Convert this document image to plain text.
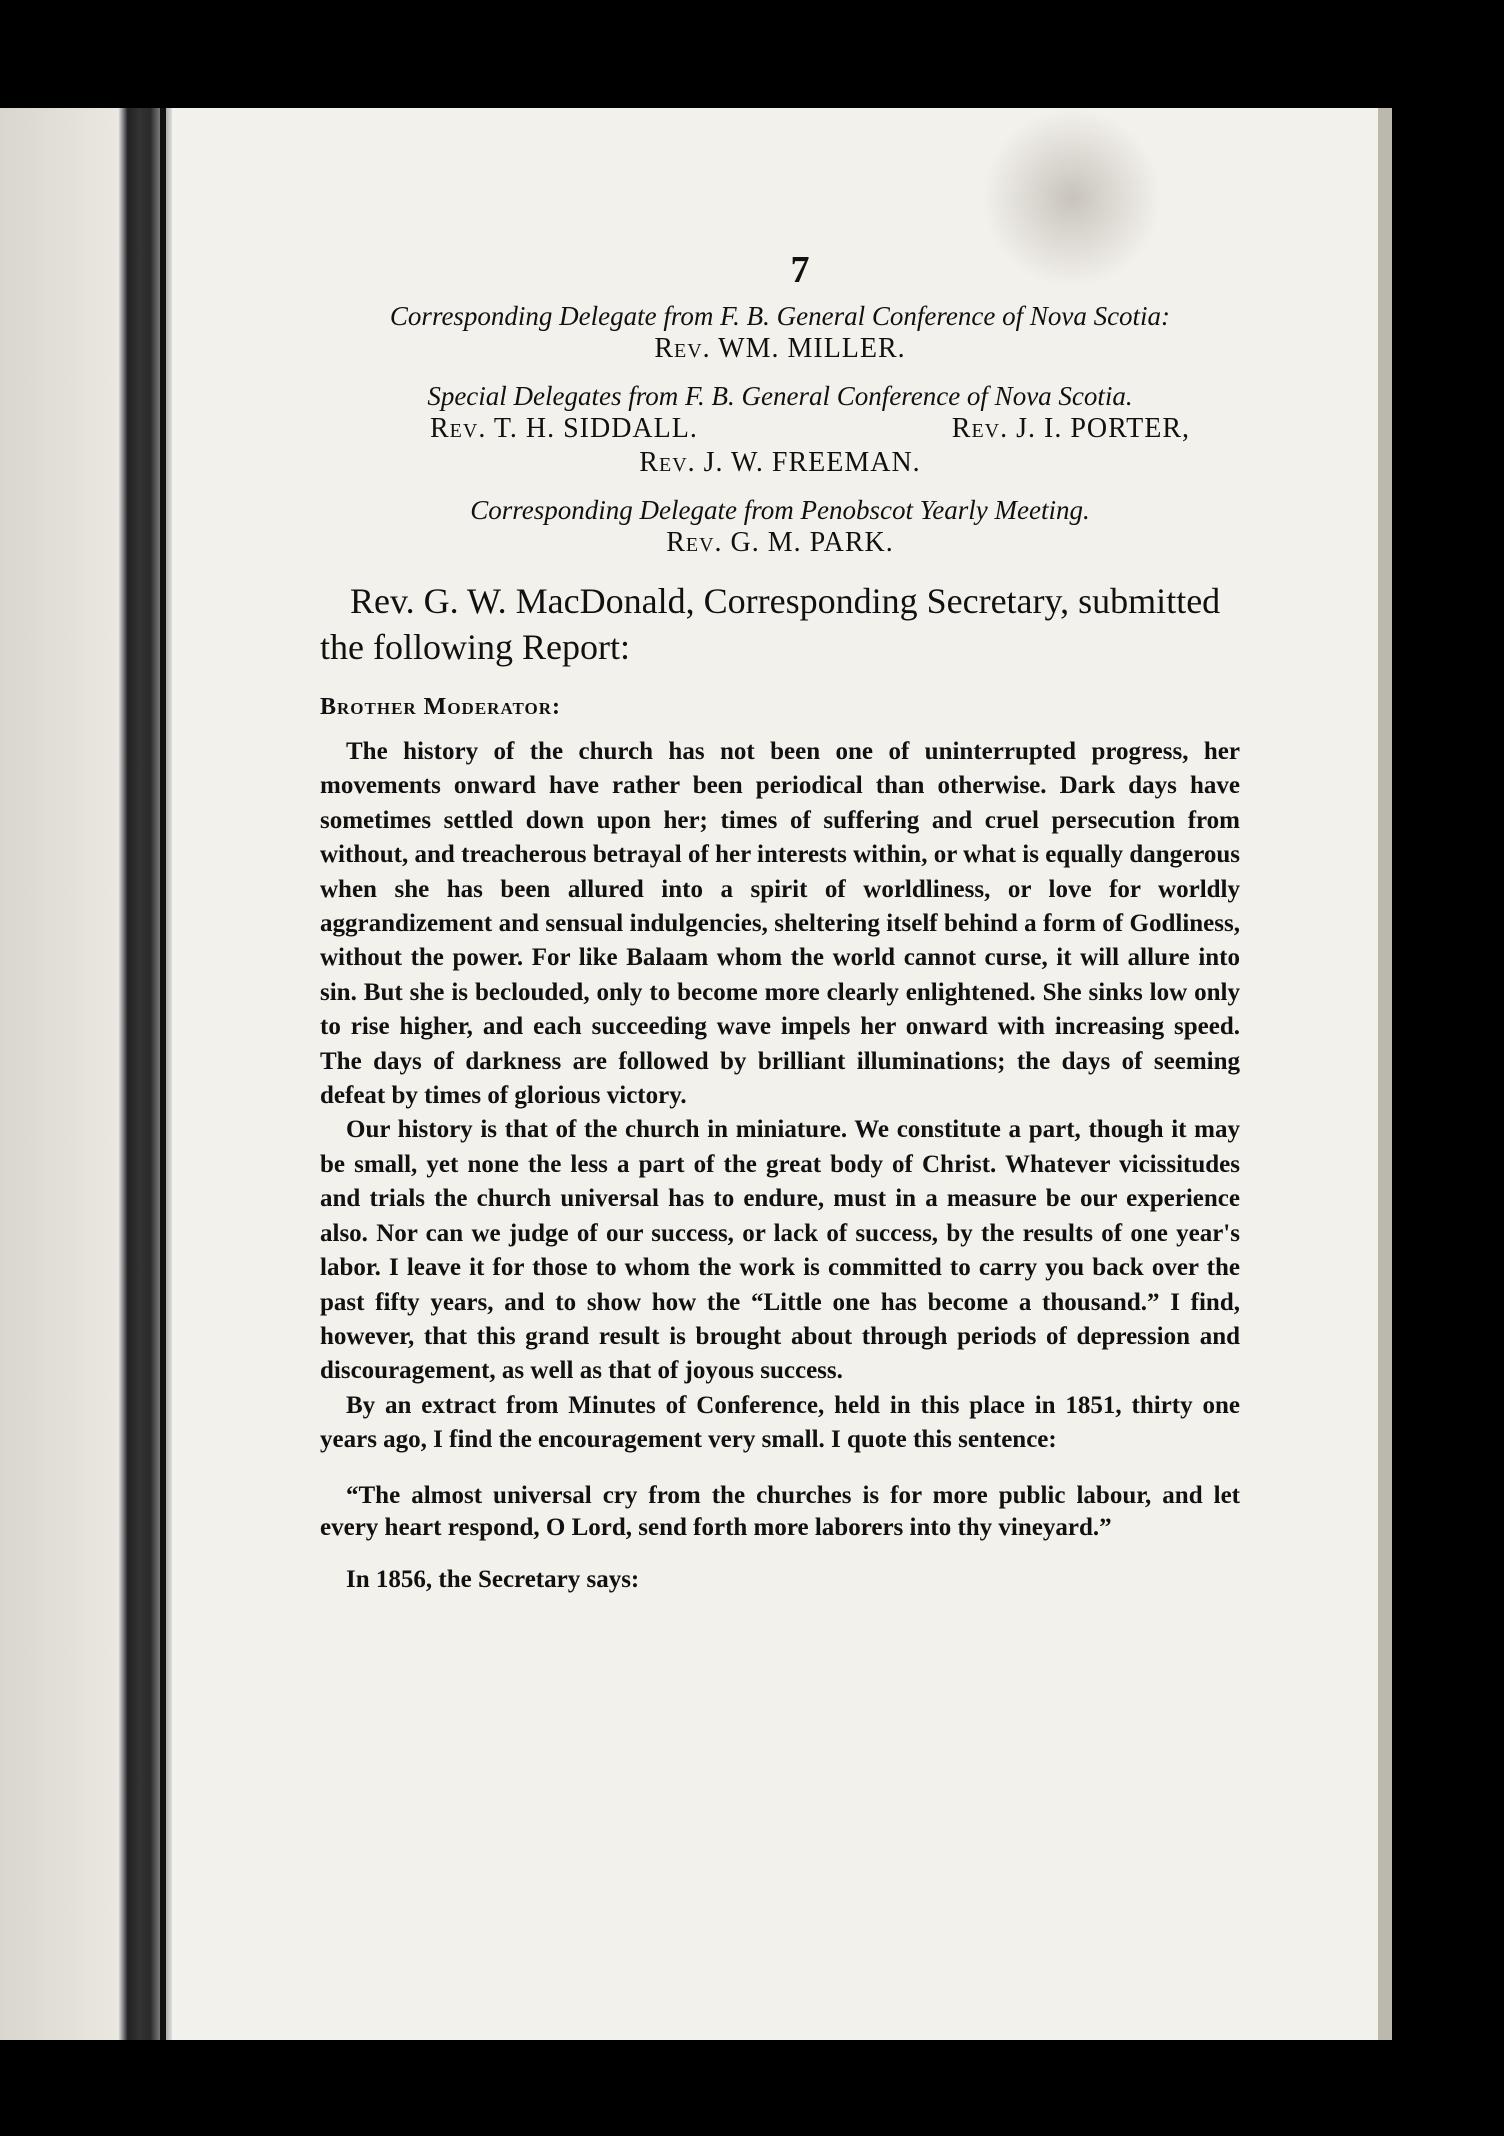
7

Corresponding Delegate from F. B. General Conference of Nova Scotia:

Rev. WM. MILLER.

Special Delegates from F. B. General Conference of Nova Scotia.

Rev. T. H. SIDDALL.	Rev. J. I. PORTER,

Rev. J. W. FREEMAN.

Corresponding Delegate from Penobscot Yearly Meeting.

Rev. G. M. PARK.

Rev. G. W. MacDonald, Corresponding Secretary, submitted the following Report:

Brother Moderator:

The history of the church has not been one of uninterrupted progress, her movements onward have rather been periodical than otherwise. Dark days have sometimes settled down upon her; times of suffering and cruel persecution from without, and treacherous betrayal of her interests within, or what is equally dangerous when she has been allured into a spirit of worldliness, or love for worldly aggrandizement and sensual indulgencies, sheltering itself behind a form of Godliness, without the power. For like Balaam whom the world cannot curse, it will allure into sin. But she is beclouded, only to become more clearly enlightened. She sinks low only to rise higher, and each succeeding wave impels her onward with increasing speed. The days of darkness are followed by brilliant illuminations; the days of seeming defeat by times of glorious victory.

Our history is that of the church in miniature. We constitute a part, though it may be small, yet none the less a part of the great body of Christ. Whatever vicissitudes and trials the church universal has to endure, must in a measure be our experience also. Nor can we judge of our success, or lack of success, by the results of one year's labor. I leave it for those to whom the work is committed to carry you back over the past fifty years, and to show how the “Little one has become a thousand.” I find, however, that this grand result is brought about through periods of depression and discouragement, as well as that of joyous success.

By an extract from Minutes of Conference, held in this place in 1851, thirty one years ago, I find the encouragement very small. I quote this sentence:

“The almost universal cry from the churches is for more public labour, and let every heart respond, O Lord, send forth more laborers into thy vineyard.”

In 1856, the Secretary says:
